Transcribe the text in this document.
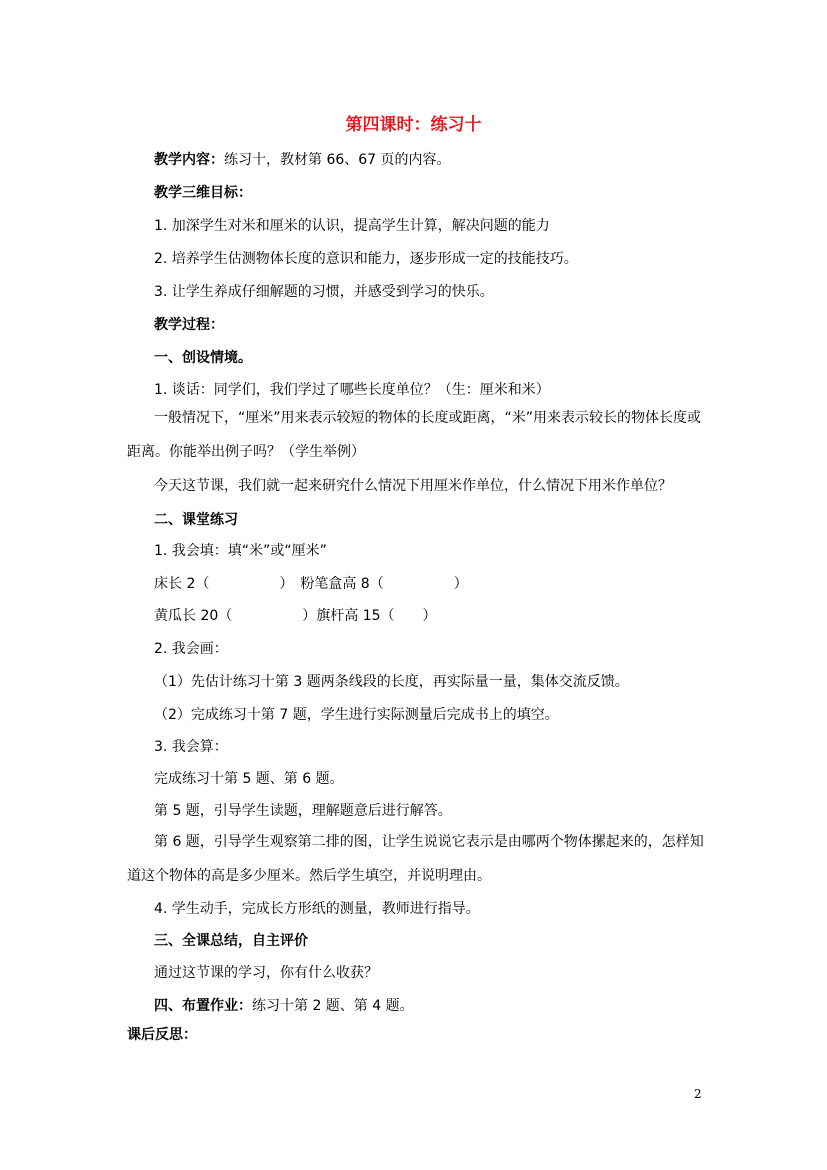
第四课时：练习十
教学内容：练习十，教材第 66、67 页的内容。
教学三维目标：
1. 加深学生对米和厘米的认识，提高学生计算，解决问题的能力
2. 培养学生估测物体长度的意识和能力，逐步形成一定的技能技巧。
3. 让学生养成仔细解题的习惯，并感受到学习的快乐。
教学过程：
一、创设情境。
1. 谈话：同学们，我们学过了哪些长度单位？（生：厘米和米）
一般情况下，“厘米”用来表示较短的物体的长度或距离，“米”用来表示较长的物体长度或距离。你能举出例子吗？（学生举例）
今天这节课，我们就一起来研究什么情况下用厘米作单位，什么情况下用米作单位？
二、课堂练习
1. 我会填：填“米”或“厘米”
床长 2（　　　　　）　粉笔盒高 8（　　　　　）
黄瓜长 20（　　　　　）旗杆高 15（　　）
2. 我会画：
（1）先估计练习十第 3 题两条线段的长度，再实际量一量，集体交流反馈。
（2）完成练习十第 7 题，学生进行实际测量后完成书上的填空。
3. 我会算：
完成练习十第 5 题、第 6 题。
第 5 题，引导学生读题，理解题意后进行解答。
第 6 题，引导学生观察第二排的图，让学生说说它表示是由哪两个物体摞起来的，怎样知道这个物体的高是多少厘米。然后学生填空，并说明理由。
4. 学生动手，完成长方形纸的测量，教师进行指导。
三、全课总结，自主评价
通过这节课的学习，你有什么收获？
四、布置作业：练习十第 2 题、第 4 题。
课后反思：
2
